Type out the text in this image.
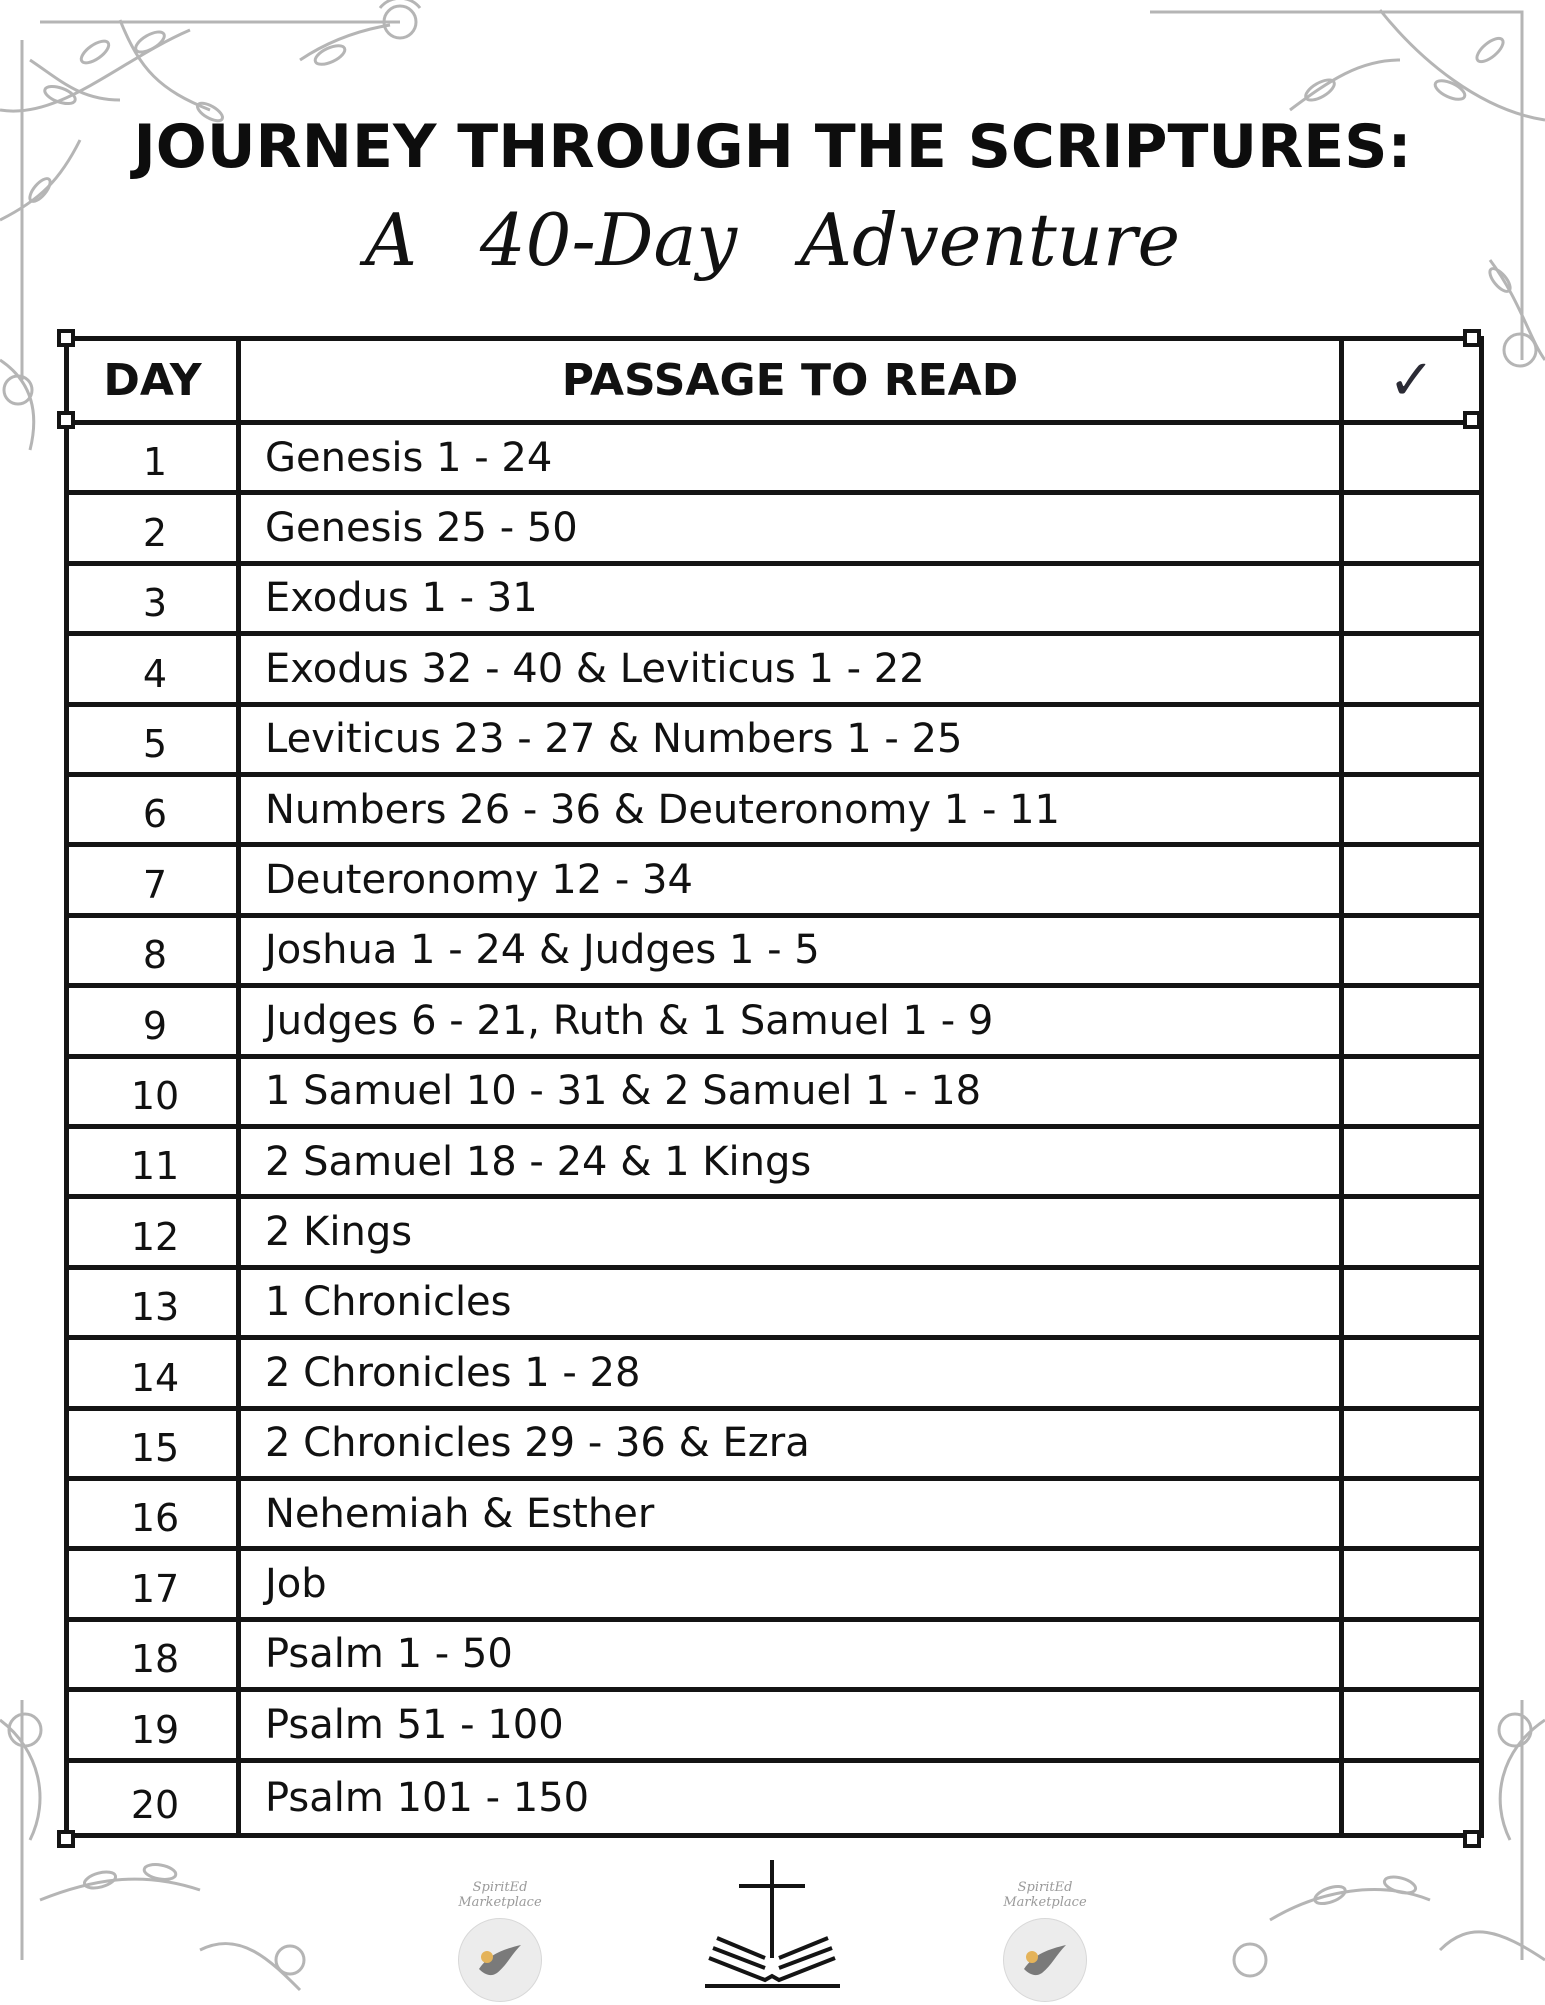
JOURNEY THROUGH THE SCRIPTURES:
A 40-Day Adventure
DAY	PASSAGE TO READ	✓
1	Genesis 1 - 24
2	Genesis 25 - 50
3	Exodus 1 - 31
4	Exodus 32 - 40 & Leviticus 1 - 22
5	Leviticus 23 - 27 & Numbers 1 - 25
6	Numbers 26 - 36 & Deuteronomy 1 - 11
7	Deuteronomy 12 - 34
8	Joshua 1 - 24 & Judges 1 - 5
9	Judges 6 - 21, Ruth & 1 Samuel 1 - 9
10	1 Samuel 10 - 31 & 2 Samuel 1 - 18
11	2 Samuel 18 - 24 & 1 Kings
12	2 Kings
13	1 Chronicles
14	2 Chronicles 1 - 28
15	2 Chronicles 29 - 36 & Ezra
16	Nehemiah & Esther
17	Job
18	Psalm 1 - 50
19	Psalm 51 - 100
20	Psalm 101 - 150
SpiritEd Marketplace
SpiritEd Marketplace
